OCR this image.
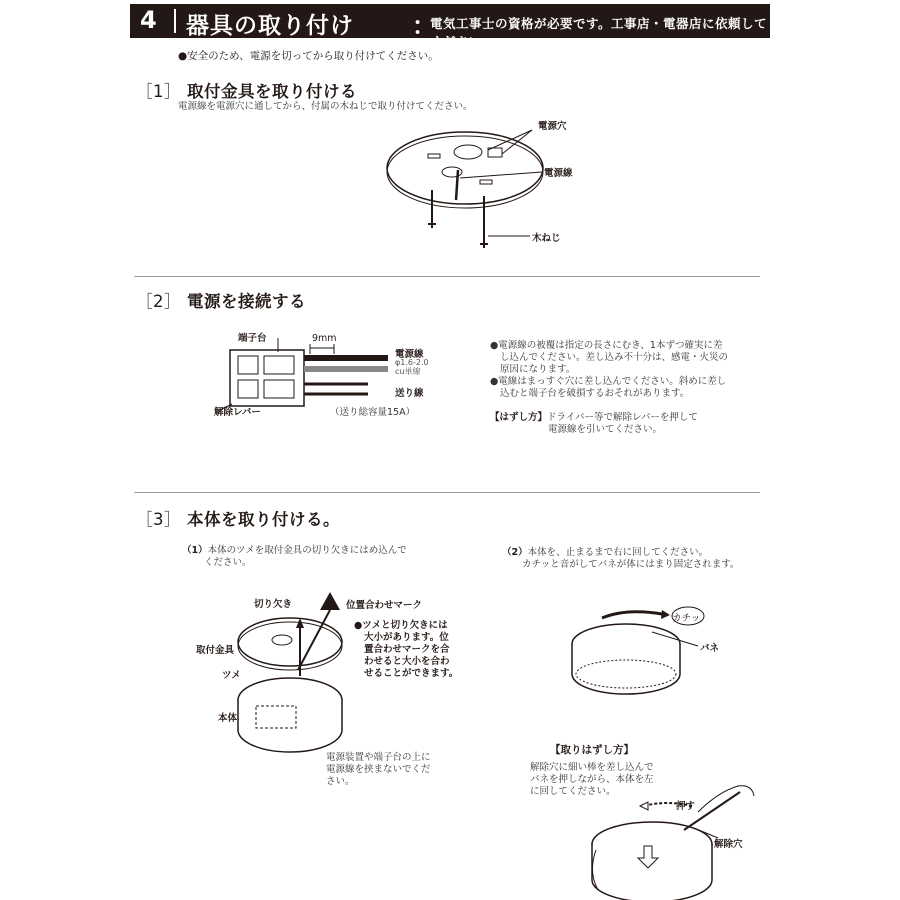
4 器具の取り付け ：
電気工事士の資格が必要です。工事店・電器店に依頼してください。
●安全のため、電源を切ってから取り付けてください。
［1］ 取付金具を取り付ける
電源線を電源穴に通してから、付属の木ねじで取り付けてください。
電源穴
電源線
木ねじ
［2］ 電源を接続する
端子台	9mm
電源線
φ1.6-2.0
cu単線
送り線
解除レバー	（送り総容量15A）
●電源線の被覆は指定の長さにむき、1本ずつ確実に差
し込んでください。差し込み不十分は、感電・火災の
原因になります。
●電線はまっすぐ穴に差し込んでください。斜めに差し
込むと端子台を破損するおそれがあります。
【はずし方】ドライバー等で解除レバーを押して
電源線を引いてください。
［3］ 本体を取り付ける。
（1）本体のツメを取付金具の切り欠きにはめ込んで
ください。
（2）本体を、止まるまで右に回してください。
カチッと音がしてバネが体にはまり固定されます。
切り欠き	位置合わせマーク
取付金具
ツメ
本体
●ツメと切り欠きには
大小があります。位
置合わせマークを合
わせると大小を合わ
せることができます。
電源装置や端子台の上に
電源線を挟まないでくだ
さい。
カチッ
バネ
【取りはずし方】
解除穴に細い棒を差し込んで
バネを押しながら、本体を左
に回してください。
押す
解除穴
